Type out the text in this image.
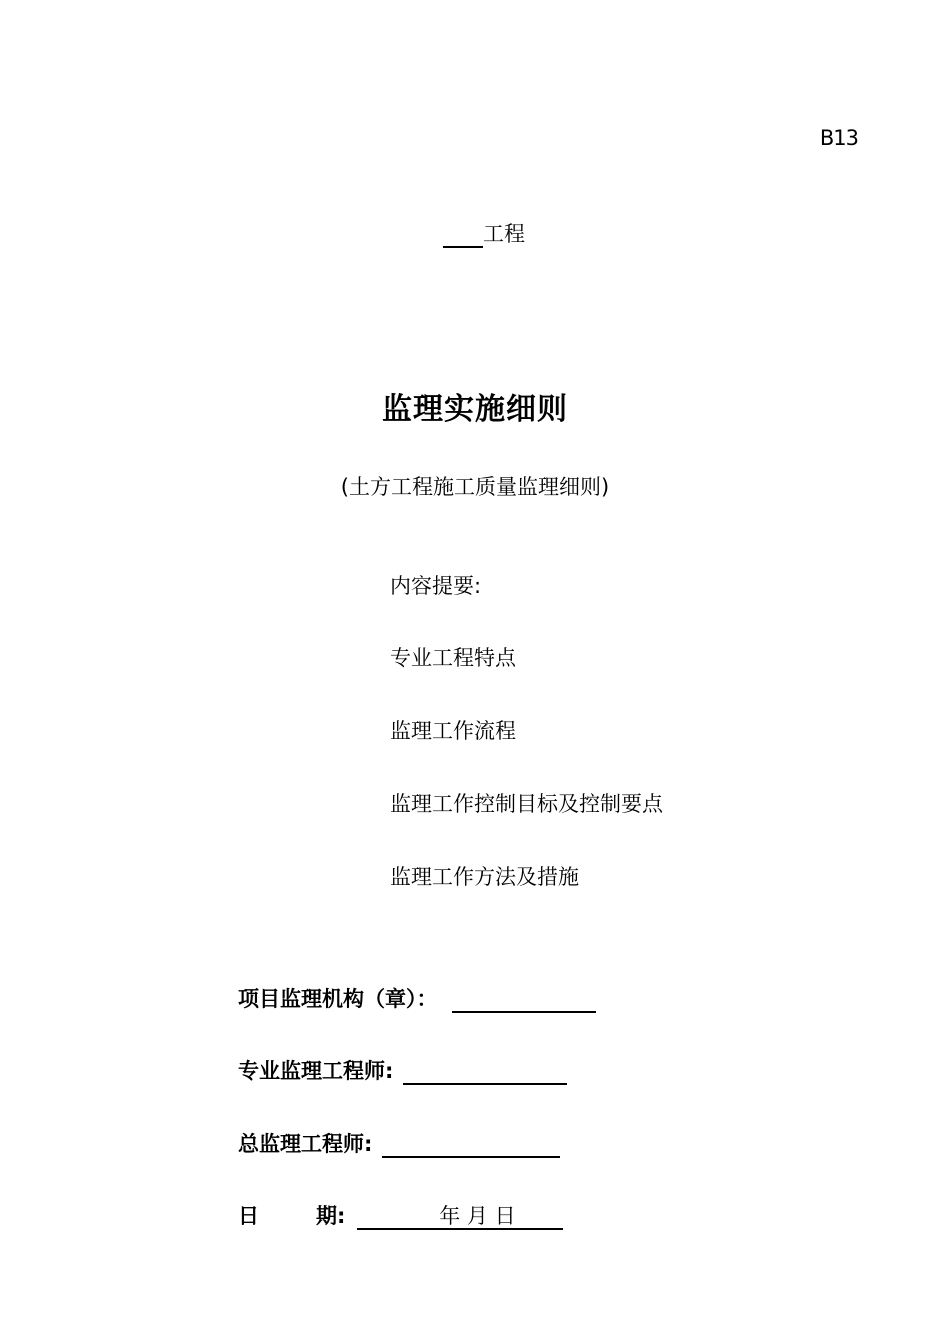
B13
工程
监理实施细则
(土方工程施工质量监理细则)
内容提要:
专业工程特点
监理工作流程
监理工作控制目标及控制要点
监理工作方法及措施
项目监理机构（章）：
专业监理工程师:
总监理工程师:
日	期:	年 月 日
